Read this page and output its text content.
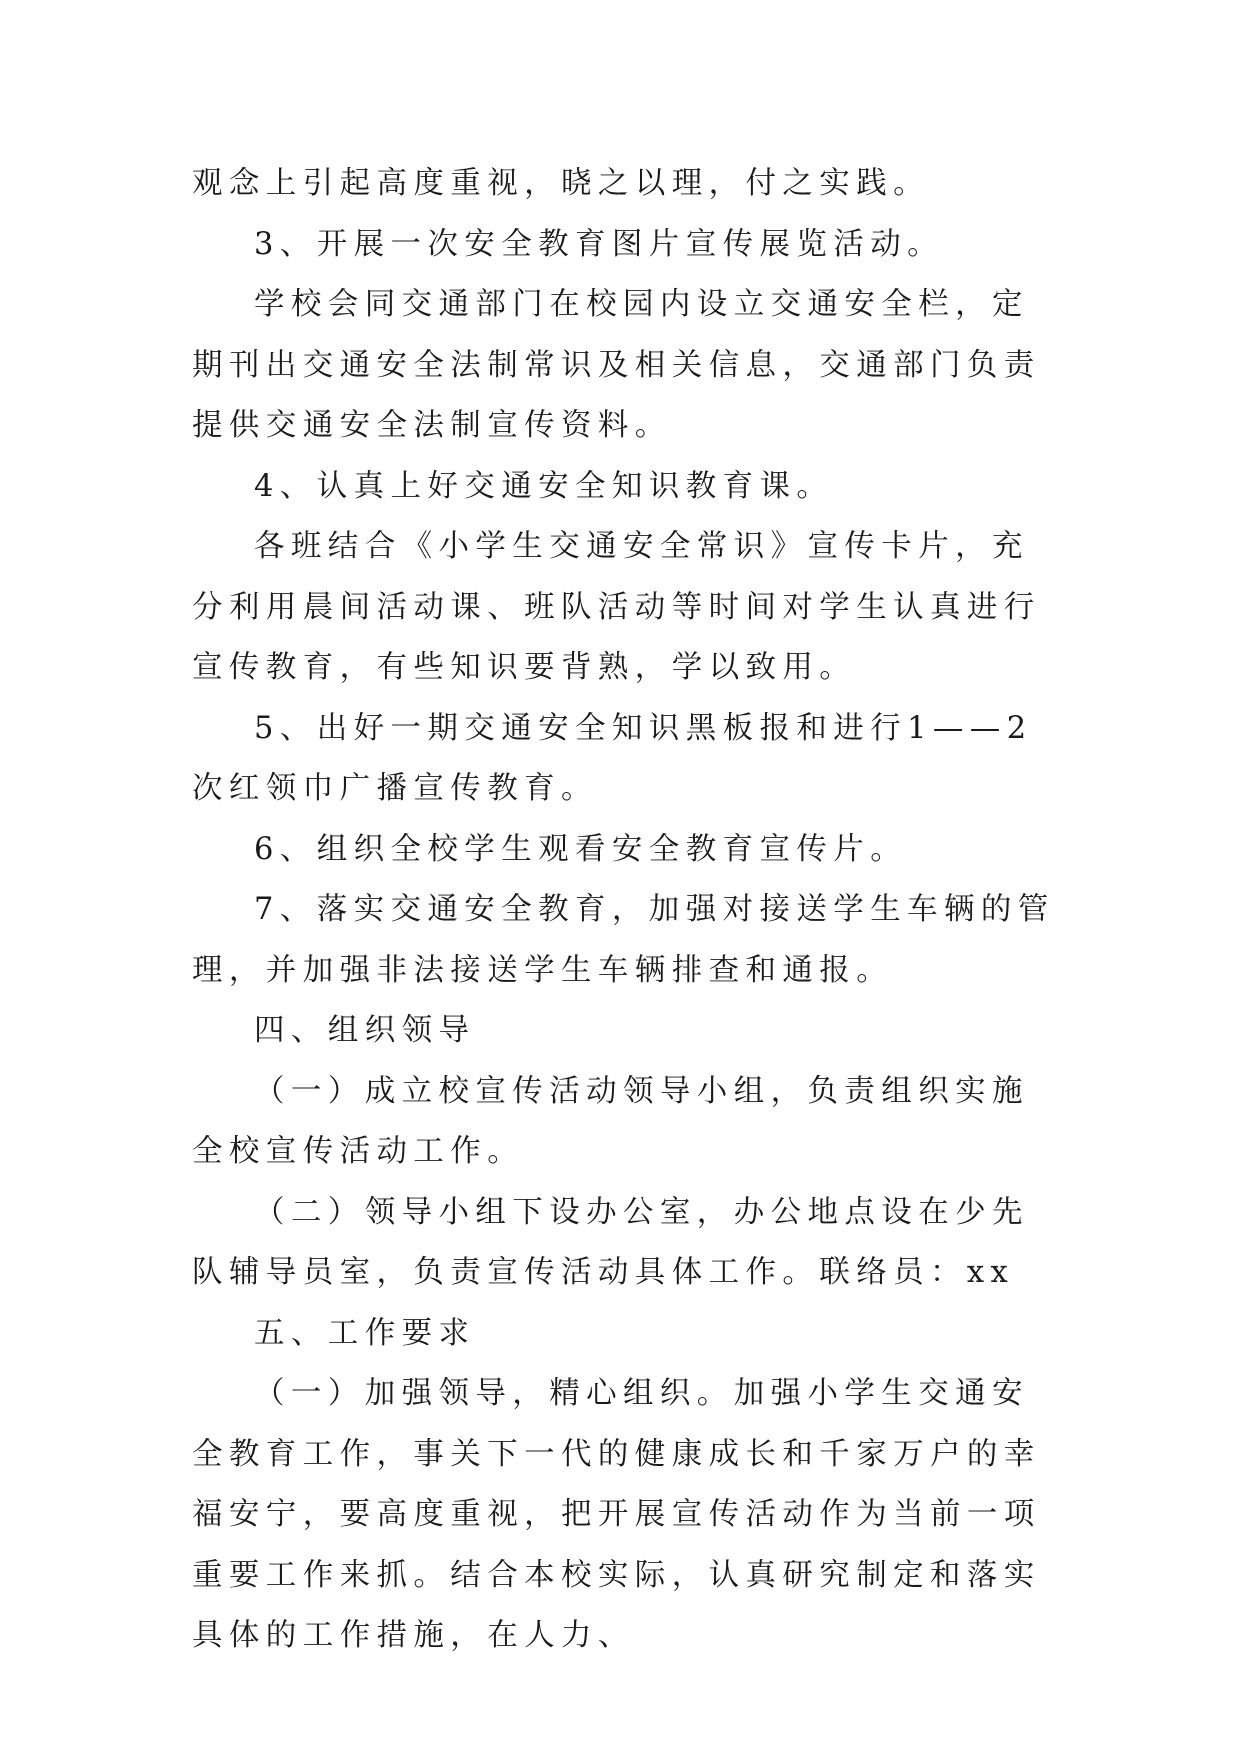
观念上引起高度重视，晓之以理，付之实践。

3、开展一次安全教育图片宣传展览活动。

学校会同交通部门在校园内设立交通安全栏，定期刊出交通安全法制常识及相关信息，交通部门负责提供交通安全法制宣传资料。

4、认真上好交通安全知识教育课。

各班结合《小学生交通安全常识》宣传卡片，充分利用晨间活动课、班队活动等时间对学生认真进行宣传教育，有些知识要背熟，学以致用。

5、出好一期交通安全知识黑板报和进行1——2次红领巾广播宣传教育。

6、组织全校学生观看安全教育宣传片。

7、落实交通安全教育，加强对接送学生车辆的管理，并加强非法接送学生车辆排查和通报。

四、组织领导

（一）成立校宣传活动领导小组，负责组织实施全校宣传活动工作。

（二）领导小组下设办公室，办公地点设在少先队辅导员室，负责宣传活动具体工作。联络员：xx

五、工作要求

（一）加强领导，精心组织。加强小学生交通安全教育工作，事关下一代的健康成长和千家万户的幸福安宁，要高度重视，把开展宣传活动作为当前一项重要工作来抓。结合本校实际，认真研究制定和落实具体的工作措施，在人力、
